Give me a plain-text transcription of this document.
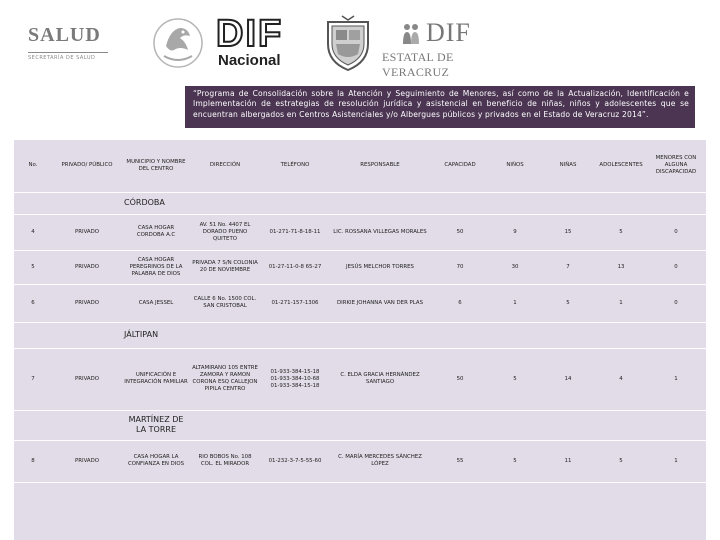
SALUD
SECRETARÍA DE SALUD
DIF
Nacional
DIF
ESTATAL DE VERACRUZ
“Programa de Consolidación sobre la Atención y Seguimiento de Menores, así como de la Actualización, Identificación e Implementación de estrategias de resolución jurídica y asistencial en beneficio de niñas, niños y adolescentes que se encuentran albergados en Centros Asistenciales y/o Albergues públicos y privados en el Estado de Veracruz 2014”.
No.	PRIVADO/ PÚBLICO	MUNICIPIO Y NOMBRE DEL CENTRO	DIRECCIÓN	TELÉFONO	RESPONSABLE	CAPACIDAD	NIÑOS	NIÑAS	ADOLESCENTES	MENORES CON ALGUNA DISCAPACIDAD
		CÓRDOBA								
4	PRIVADO	CASA HOGAR CORDOBA A.C	AV. 51 No. 4407 EL DORADO PUENO QUITETO	01-271-71-8-18-11	LIC. ROSSANA VILLEGAS MORALES	50	9	15	5	0
5	PRIVADO	CASA HOGAR PEREGRINOS DE LA PALABRA DE DIOS	PRIVADA 7 S/N COLONIA 20 DE NOVIEMBRE	01-27-11-0-8 65-27	JESÚS MELCHOR TORRES	70	30	7	13	0
6	PRIVADO	CASA JESSEL	CALLE 6 No. 1500 COL. SAN CRISTOBAL	01-271-157-1306	DIRKIE JOHANNA VAN DER PLAS	6	1	5	1	0
		JÁLTIPAN								
7	PRIVADO	UNIFICACIÓN E INTEGRACIÓN FAMILIAR	ALTAMIRANO 105 ENTRE ZAMORA Y RAMON CORONA ESQ CALLEJON PIPILA CENTRO	01-933-384-15-18
01-933-384-10-68
01-933-384-15-18	C. ELDA GRACIA HERNÁNDEZ SANTIAGO	50	5	14	4	1
		MARTÍNEZ DE LA TORRE								
8	PRIVADO	CASA HOGAR LA CONFIANZA EN DIOS	RIO BOBOS No. 108 COL. EL MIRADOR	01-232-3-7-5-55-60	C. MARÍA MERCEDES SÁNCHEZ LÓPEZ	55	5	11	5	1
